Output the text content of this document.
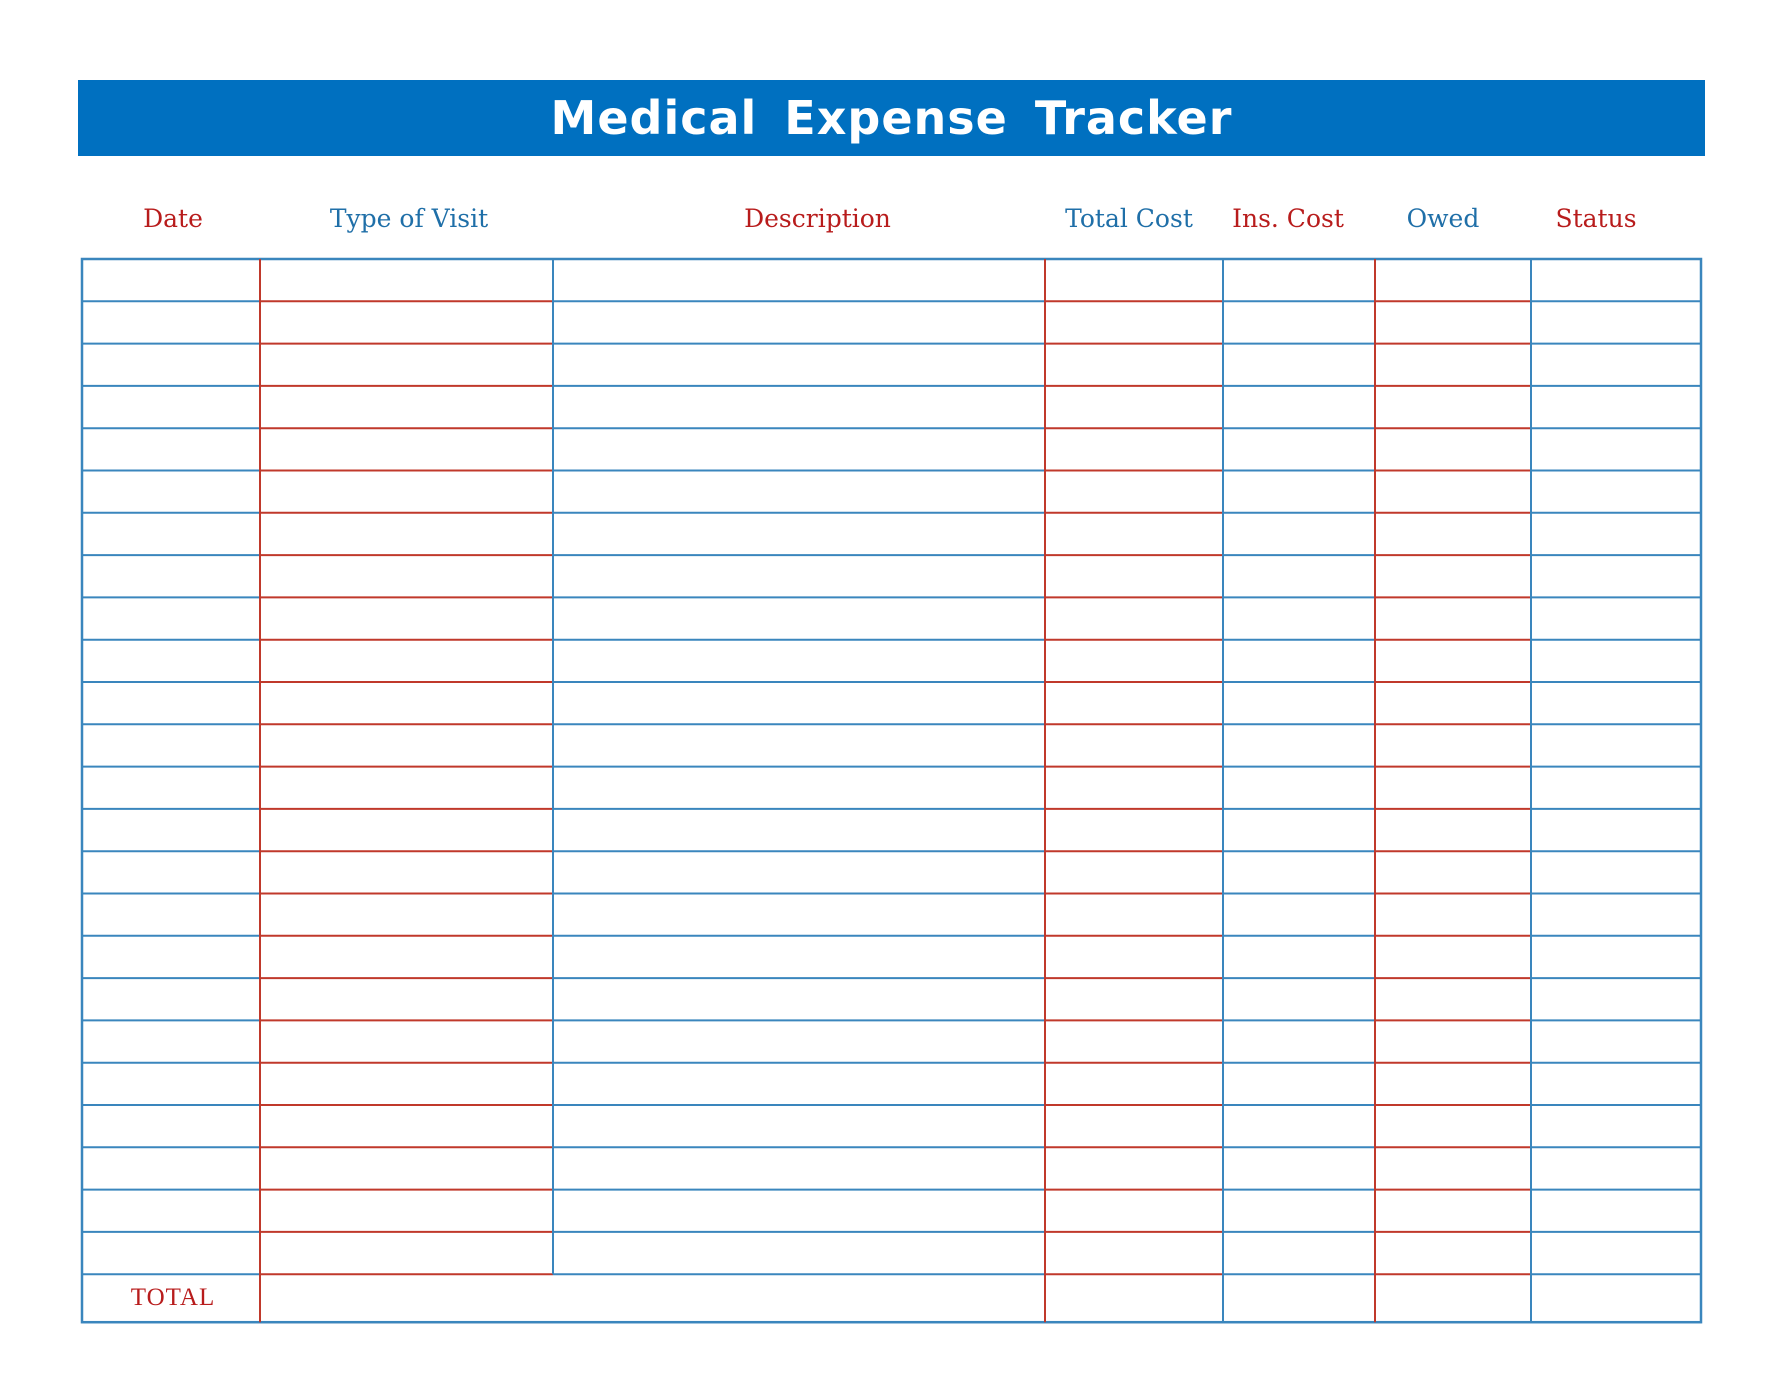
Medical Expense Tracker
Date	Type of Visit	Description	Total Cost	Ins. Cost	Owed	Status
TOTAL
